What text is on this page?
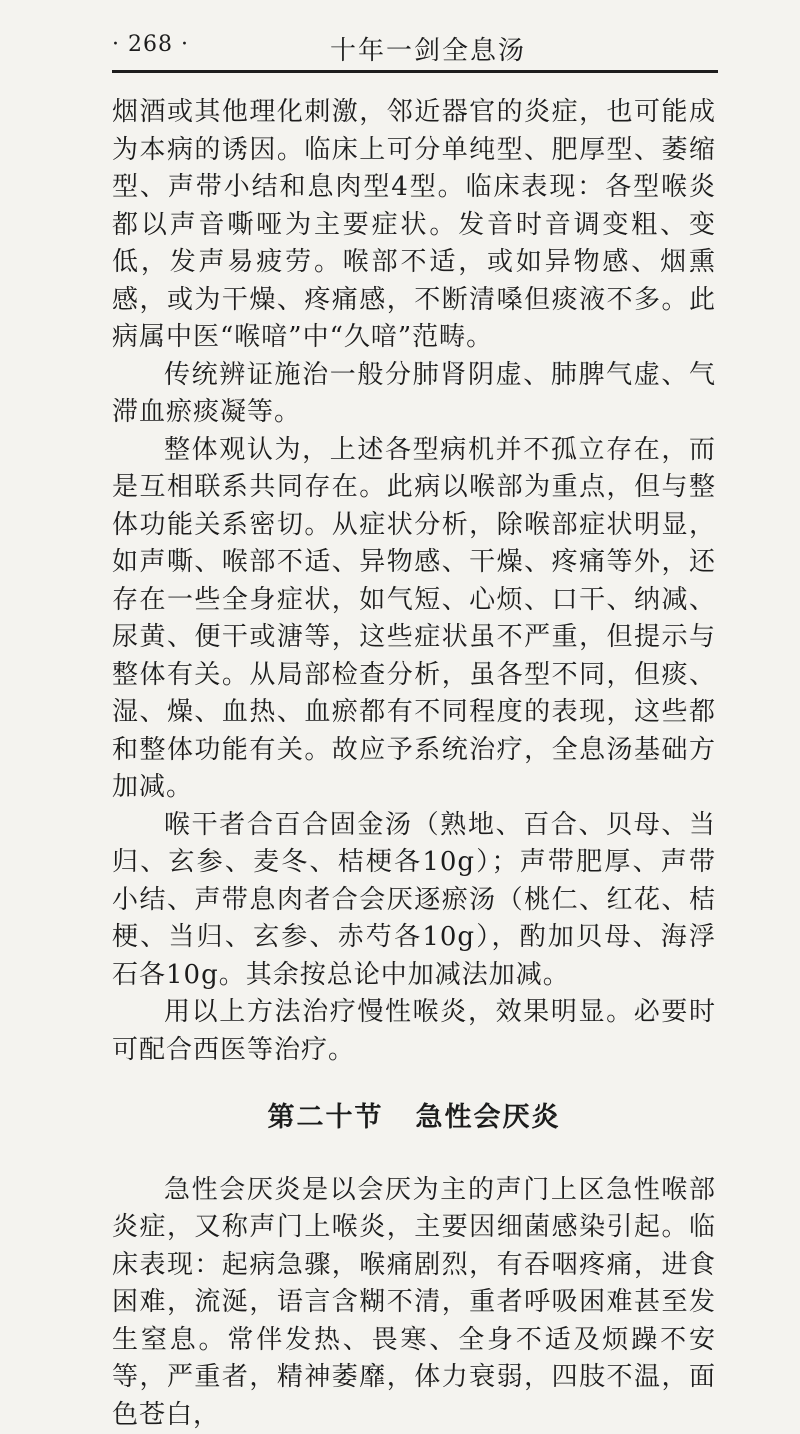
· 268 ·	十年一剑全息汤

烟酒或其他理化刺激，邻近器官的炎症，也可能成为本病的诱因。临床上可分单纯型、肥厚型、萎缩型、声带小结和息肉型4型。临床表现：各型喉炎都以声音嘶哑为主要症状。发音时音调变粗、变低，发声易疲劳。喉部不适，或如异物感、烟熏感，或为干燥、疼痛感，不断清嗓但痰液不多。此病属中医“喉喑”中“久喑”范畴。

传统辨证施治一般分肺肾阴虚、肺脾气虚、气滞血瘀痰凝等。

整体观认为，上述各型病机并不孤立存在，而是互相联系共同存在。此病以喉部为重点，但与整体功能关系密切。从症状分析，除喉部症状明显，如声嘶、喉部不适、异物感、干燥、疼痛等外，还存在一些全身症状，如气短、心烦、口干、纳减、尿黄、便干或溏等，这些症状虽不严重，但提示与整体有关。从局部检查分析，虽各型不同，但痰、湿、燥、血热、血瘀都有不同程度的表现，这些都和整体功能有关。故应予系统治疗，全息汤基础方加减。

喉干者合百合固金汤（熟地、百合、贝母、当归、玄参、麦冬、桔梗各10g）；声带肥厚、声带小结、声带息肉者合会厌逐瘀汤（桃仁、红花、桔梗、当归、玄参、赤芍各10g），酌加贝母、海浮石各10g。其余按总论中加减法加减。

用以上方法治疗慢性喉炎，效果明显。必要时可配合西医等治疗。

第二十节 急性会厌炎

急性会厌炎是以会厌为主的声门上区急性喉部炎症，又称声门上喉炎，主要因细菌感染引起。临床表现：起病急骤，喉痛剧烈，有吞咽疼痛，进食困难，流涎，语言含糊不清，重者呼吸困难甚至发生窒息。常伴发热、畏寒、全身不适及烦躁不安等，严重者，精神萎靡，体力衰弱，四肢不温，面色苍白，
